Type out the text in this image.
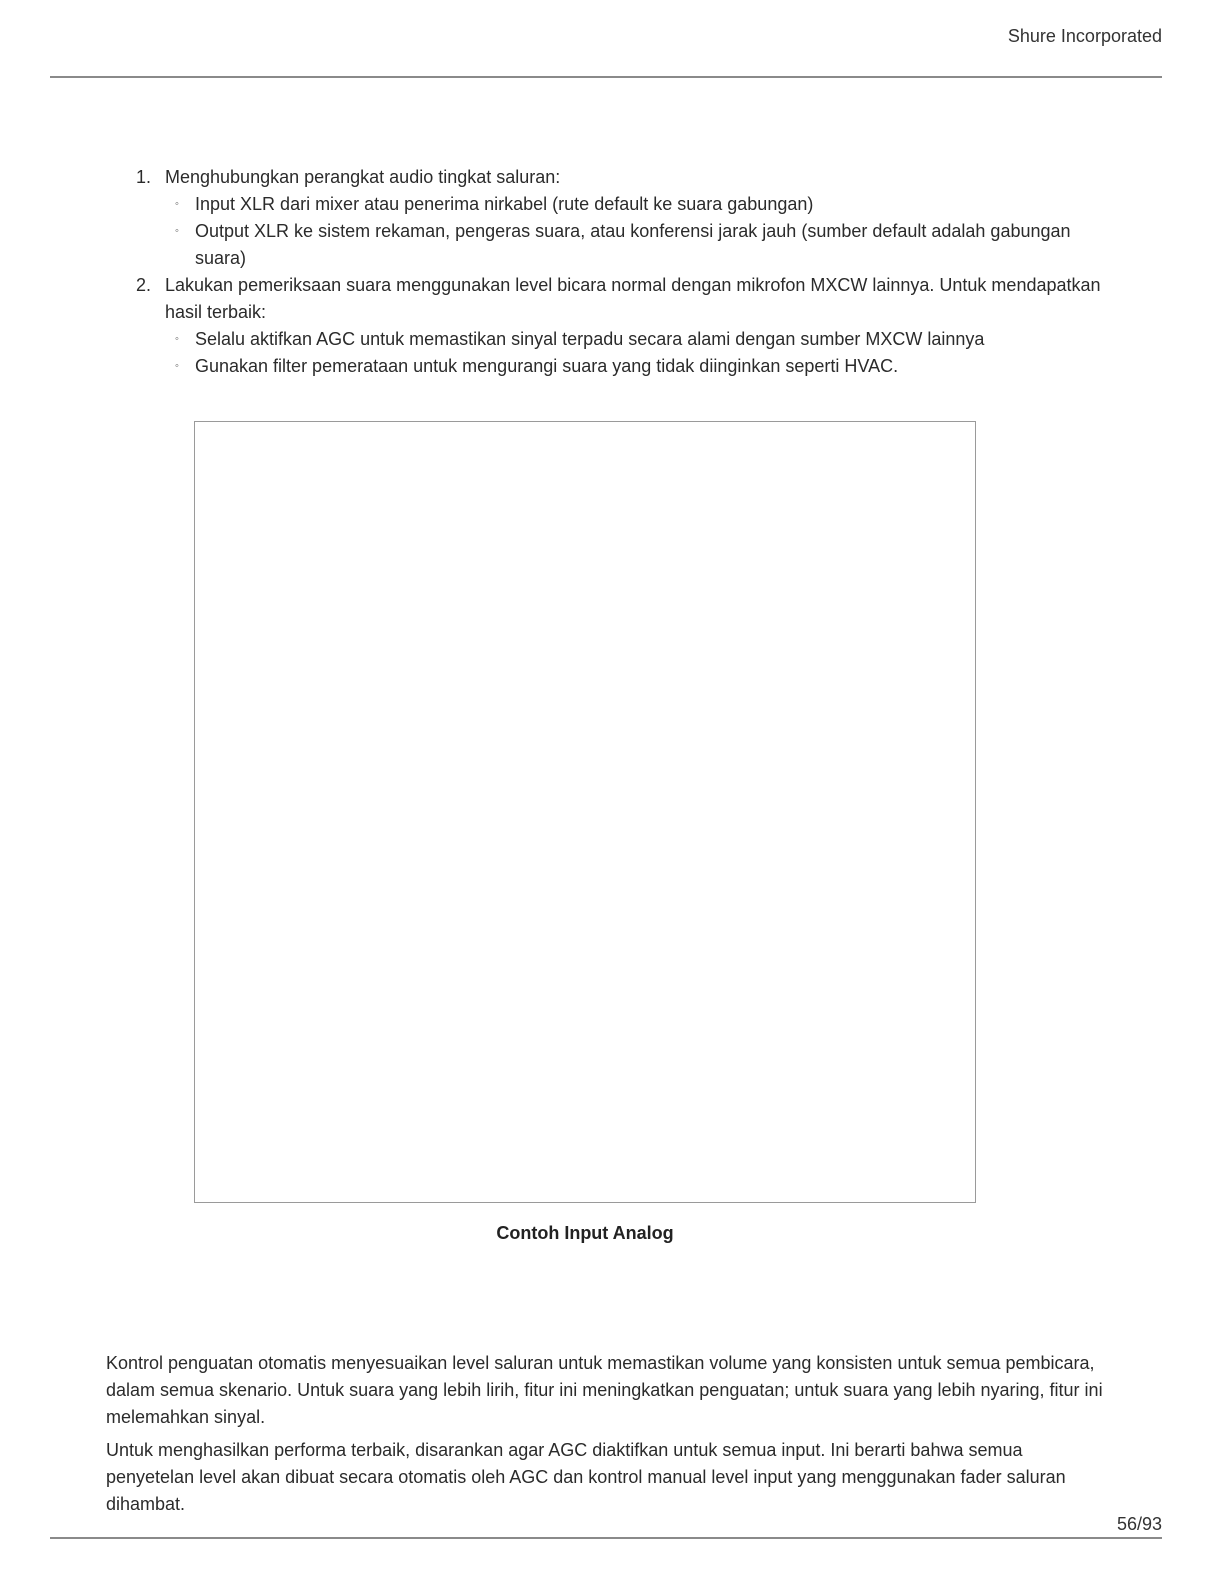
Shure Incorporated
1. Menghubungkan perangkat audio tingkat saluran:
◦ Input XLR dari mixer atau penerima nirkabel (rute default ke suara gabungan)
◦ Output XLR ke sistem rekaman, pengeras suara, atau konferensi jarak jauh (sumber default adalah gabungan suara)
2. Lakukan pemeriksaan suara menggunakan level bicara normal dengan mikrofon MXCW lainnya. Untuk mendapatkan hasil terbaik:
◦ Selalu aktifkan AGC untuk memastikan sinyal terpadu secara alami dengan sumber MXCW lainnya
◦ Gunakan filter pemerataan untuk mengurangi suara yang tidak diinginkan seperti HVAC.
Contoh Input Analog

Kontrol penguatan otomatis menyesuaikan level saluran untuk memastikan volume yang konsisten untuk semua pembicara, dalam semua skenario. Untuk suara yang lebih lirih, fitur ini meningkatkan penguatan; untuk suara yang lebih nyaring, fitur ini melemahkan sinyal.

Untuk menghasilkan performa terbaik, disarankan agar AGC diaktifkan untuk semua input. Ini berarti bahwa semua penyetelan level akan dibuat secara otomatis oleh AGC dan kontrol manual level input yang menggunakan fader saluran dihambat.

56/93
